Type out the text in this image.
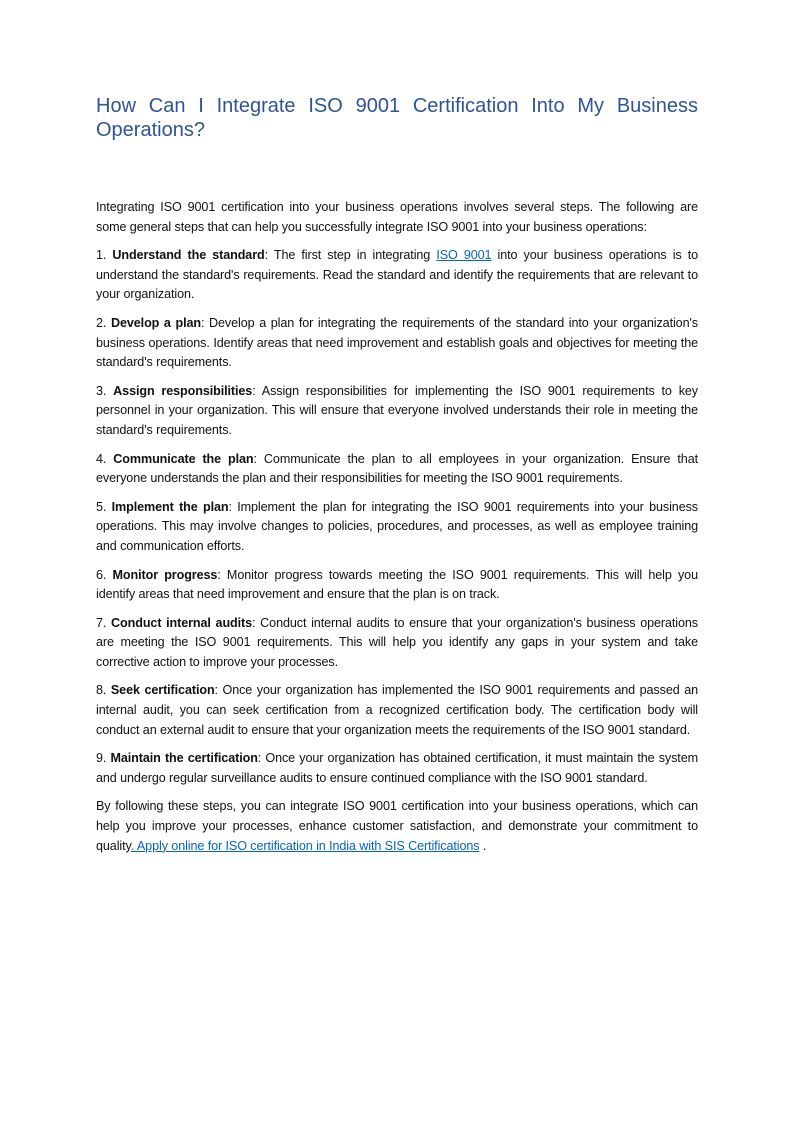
How Can I Integrate ISO 9001 Certification Into My Business Operations?

Integrating ISO 9001 certification into your business operations involves several steps. The following are some general steps that can help you successfully integrate ISO 9001 into your business operations:

1. Understand the standard: The first step in integrating ISO 9001 into your business operations is to understand the standard's requirements. Read the standard and identify the requirements that are relevant to your organization.

2. Develop a plan: Develop a plan for integrating the requirements of the standard into your organization's business operations. Identify areas that need improvement and establish goals and objectives for meeting the standard's requirements.

3. Assign responsibilities: Assign responsibilities for implementing the ISO 9001 requirements to key personnel in your organization. This will ensure that everyone involved understands their role in meeting the standard's requirements.

4. Communicate the plan: Communicate the plan to all employees in your organization. Ensure that everyone understands the plan and their responsibilities for meeting the ISO 9001 requirements.

5. Implement the plan: Implement the plan for integrating the ISO 9001 requirements into your business operations. This may involve changes to policies, procedures, and processes, as well as employee training and communication efforts.

6. Monitor progress: Monitor progress towards meeting the ISO 9001 requirements. This will help you identify areas that need improvement and ensure that the plan is on track.

7. Conduct internal audits: Conduct internal audits to ensure that your organization's business operations are meeting the ISO 9001 requirements. This will help you identify any gaps in your system and take corrective action to improve your processes.

8. Seek certification: Once your organization has implemented the ISO 9001 requirements and passed an internal audit, you can seek certification from a recognized certification body. The certification body will conduct an external audit to ensure that your organization meets the requirements of the ISO 9001 standard.

9. Maintain the certification: Once your organization has obtained certification, it must maintain the system and undergo regular surveillance audits to ensure continued compliance with the ISO 9001 standard.

By following these steps, you can integrate ISO 9001 certification into your business operations, which can help you improve your processes, enhance customer satisfaction, and demonstrate your commitment to quality. Apply online for ISO certification in India with SIS Certifications .
